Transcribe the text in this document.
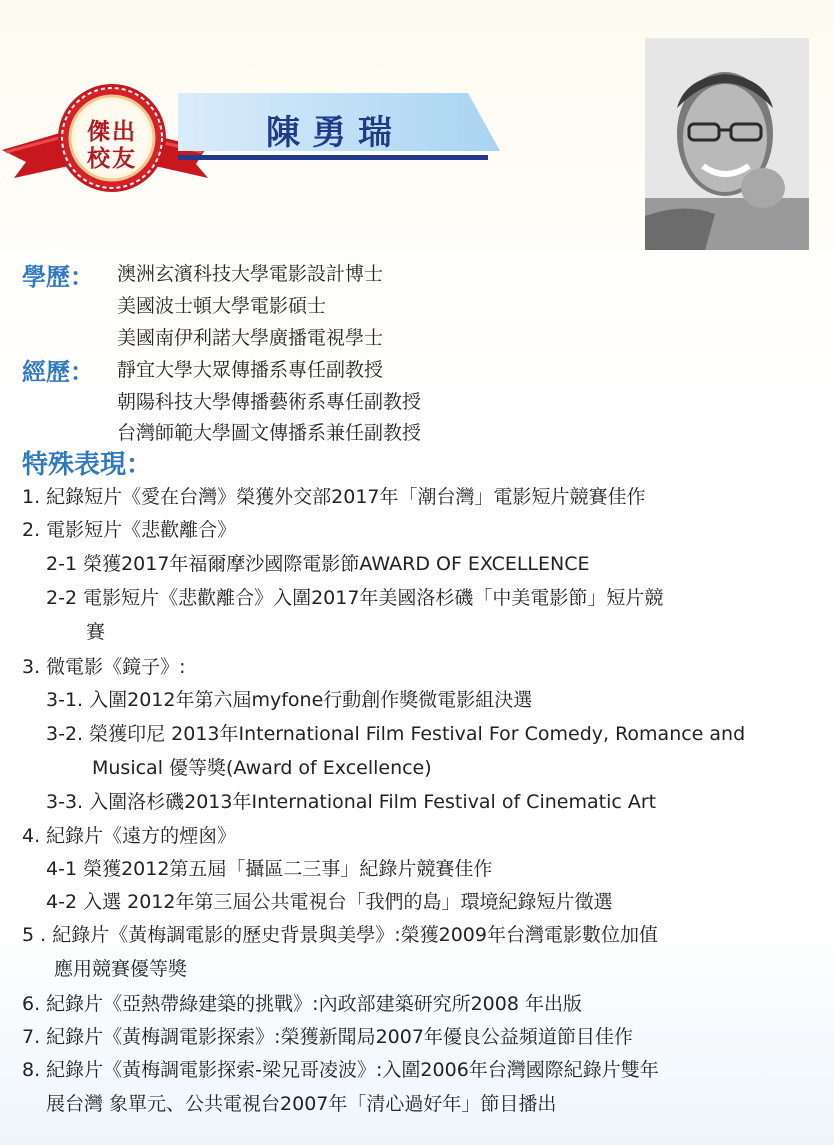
傑出
校友
陳勇瑞
學歷： 澳洲玄濱科技大學電影設計博士
美國波士頓大學電影碩士
美國南伊利諾大學廣播電視學士
經歷： 靜宜大學大眾傳播系專任副教授
朝陽科技大學傳播藝術系專任副教授
台灣師範大學圖文傳播系兼任副教授
特殊表現：
1. 紀錄短片《愛在台灣》榮獲外交部2017年「潮台灣」電影短片競賽佳作
2. 電影短片《悲歡離合》
2-1 榮獲2017年福爾摩沙國際電影節AWARD OF EXCELLENCE
2-2 電影短片《悲歡離合》入圍2017年美國洛杉磯「中美電影節」短片競
賽
3. 微電影《鏡子》:
3-1. 入圍2012年第六屆myfone行動創作獎微電影組決選
3-2. 榮獲印尼 2013年International Film Festival For Comedy, Romance and
Musical 優等獎(Award of Excellence)
3-3. 入圍洛杉磯2013年International Film Festival of Cinematic Art
4. 紀錄片《遠方的煙囪》
4-1 榮獲2012第五屆「攝區二三事」紀錄片競賽佳作
4-2 入選 2012年第三屆公共電視台「我們的島」環境紀錄短片徵選
5 . 紀錄片《黃梅調電影的歷史背景與美學》:榮獲2009年台灣電影數位加值
應用競賽優等獎
6. 紀錄片《亞熱帶綠建築的挑戰》:內政部建築研究所2008 年出版
7. 紀錄片《黃梅調電影探索》:榮獲新聞局2007年優良公益頻道節目佳作
8. 紀錄片《黃梅調電影探索-梁兄哥凌波》:入圍2006年台灣國際紀錄片雙年
展台灣 象單元、公共電視台2007年「清心過好年」節目播出
